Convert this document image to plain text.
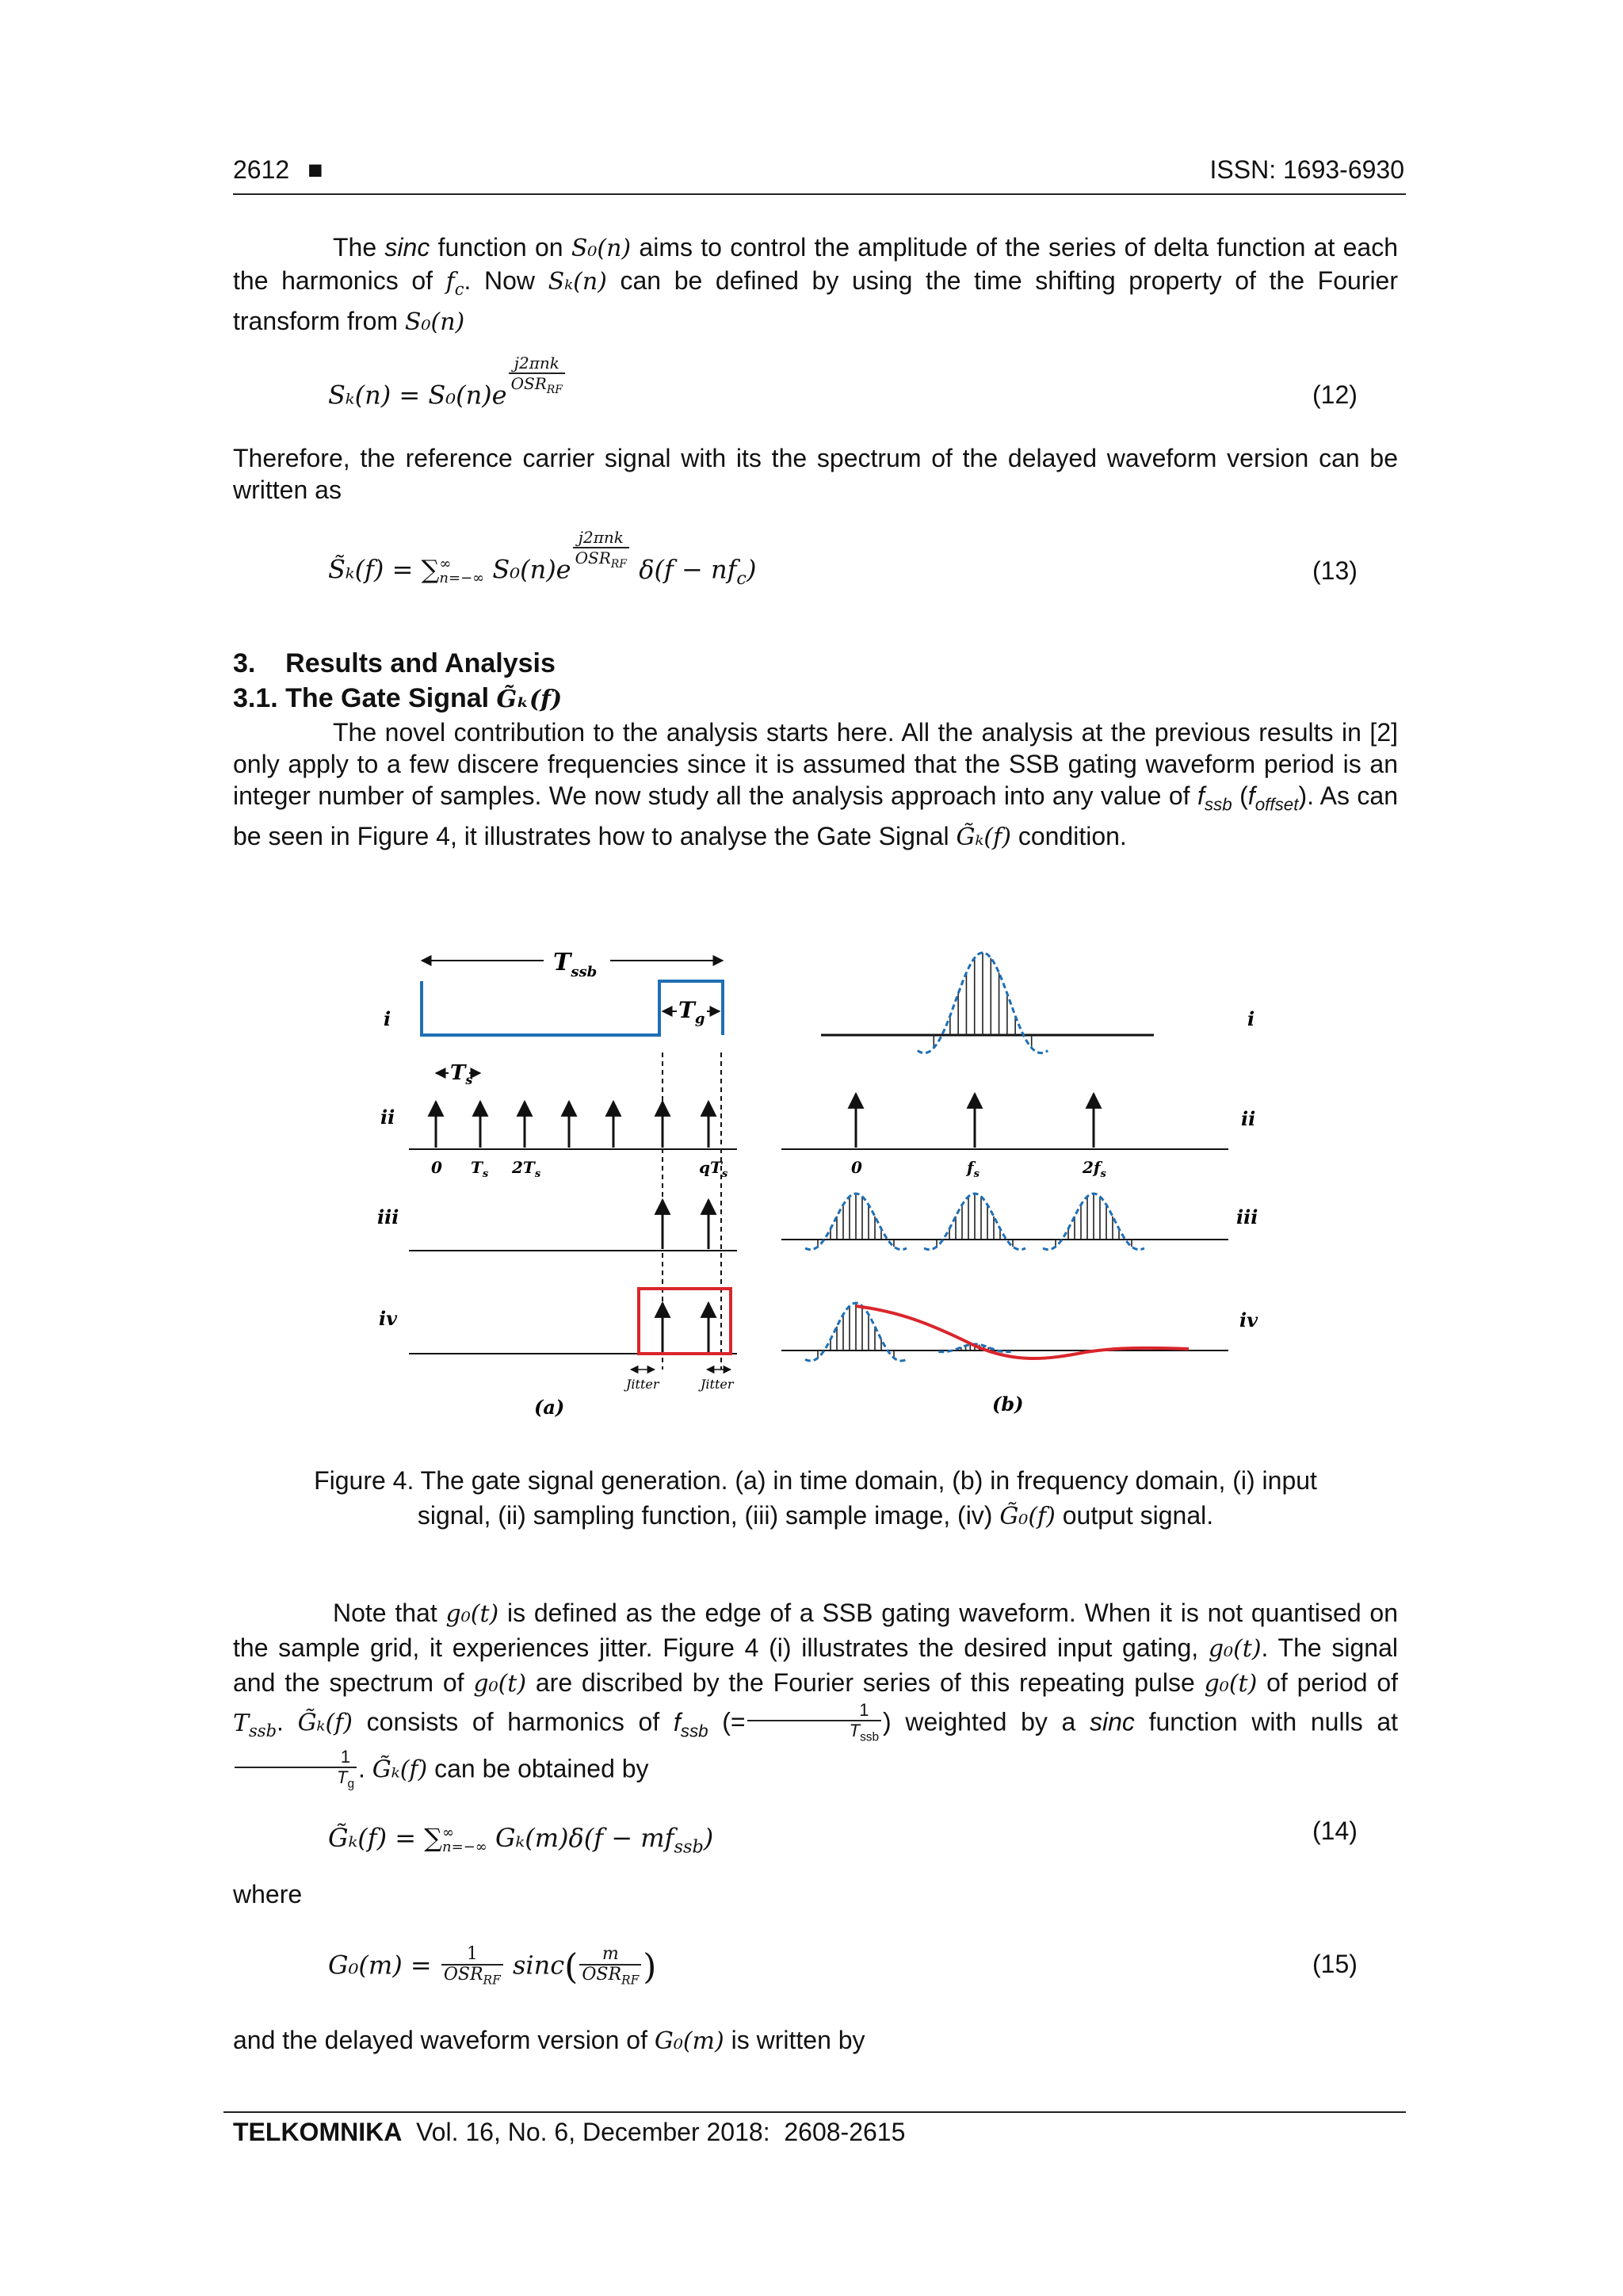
2612 ■	ISSN: 1693-6930

The sinc function on S₀(n) aims to control the amplitude of the series of delta function at each the harmonics of $f_c$. Now Sₖ(n) can be defined by using the time shifting property of the Fourier transform from S₀(n)

$S_k(n) = S_0(n)e \frac{\text{j2πnk}}{OSR_{RF}}$	(12)
Therefore, the reference carrier signal with its the spectrum of the delayed waveform version can be written as
S̃ₖ(f) = ∑ ∞
n=−∞ $S_0(n)e \frac{\text{j2πnk}}{OSR_{RF}} \delta(f - nf_c)$	(13)
3.    Results and Analysis
3.1. The Gate Signal G̃ₖ(f)

The novel contribution to the analysis starts here. All the analysis at the previous results in [2] only apply to a few discere frequencies since it is assumed that the SSB gating waveform period is an integer number of samples. We now study all the analysis approach into any value of $f_{ssb}$ $(f_{offset})$. As can be seen in Figure 4, it illustrates how to analyse the Gate Signal G̃ₖ(f) condition.

$T_{ssb}$
$T_g$
$T_s$
0 $T_s$ $2T_s$	$qT_s$
Jitter	Jitter
(a)
i
ii
iii
iv
0	$f_s$	$2f_s$
(b)
i
ii
iii
iv
Figure 4. The gate signal generation. (a) in time domain, (b) in frequency domain, (i) input
signal, (ii) sampling function, (iii) sample image, (iv) G̃₀(f) output signal.

Note that g₀(t) is defined as the edge of a SSB gating waveform. When it is not quantised on the sample grid, it experiences jitter. Figure 4 (i) illustrates the desired input gating, g₀(t). The signal and the spectrum of g₀(t) are discribed by the Fourier series of this repeating pulse g₀(t) of period of $T_{ssb}$. G̃ₖ(f) consists of harmonics of $f_{ssb}$ (= $\frac{1}{T_{ssb}}$ ) weighted by a sinc function with nulls at
$\frac{1}{T_g}$ . G̃ₖ(f) can be obtained by

G̃ₖ(f) = ∑ ∞
n=−∞ $G_k(m)\delta(f - mf_{ssb})$	(14)
where
$G_0(m) = \frac{1}{OSR_{RF}} \sin c( \frac{m}{OSR_{RF}}$ )	(15)
and the delayed waveform version of G₀(m) is written by
TELKOMNIKA  Vol. 16, No. 6, December 2018:  2608-2615
